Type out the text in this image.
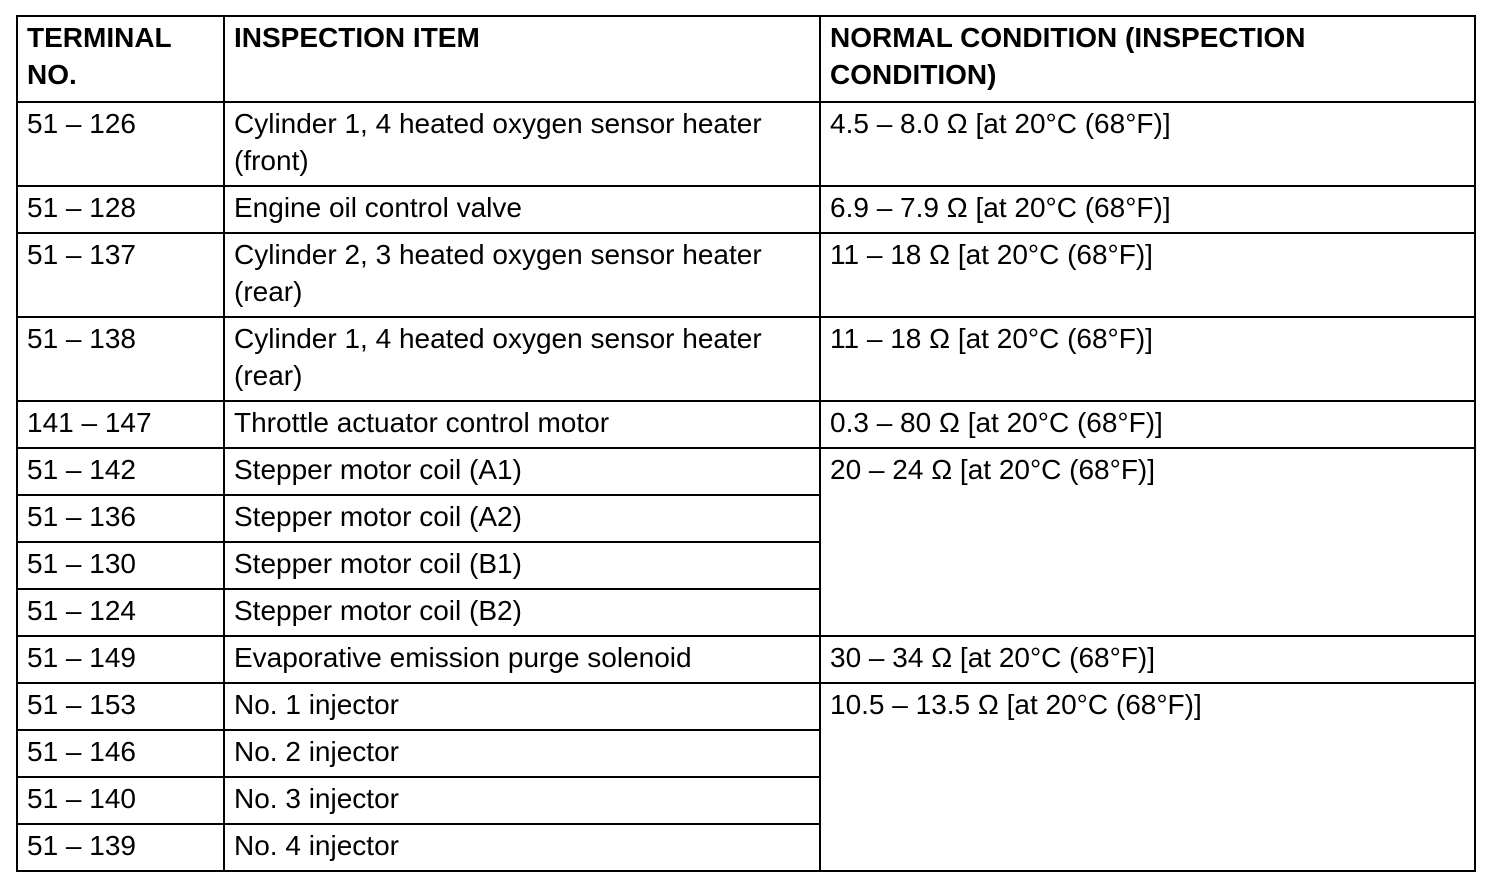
TERMINAL NO.	INSPECTION ITEM	NORMAL CONDITION (INSPECTION CONDITION)
51 – 126	Cylinder 1, 4 heated oxygen sensor heater (front)	4.5 – 8.0 Ω [at 20°C (68°F)]
51 – 128	Engine oil control valve	6.9 – 7.9 Ω [at 20°C (68°F)]
51 – 137	Cylinder 2, 3 heated oxygen sensor heater (rear)	11 – 18 Ω [at 20°C (68°F)]
51 – 138	Cylinder 1, 4 heated oxygen sensor heater (rear)	11 – 18 Ω [at 20°C (68°F)]
141 – 147	Throttle actuator control motor	0.3 – 80 Ω [at 20°C (68°F)]
51 – 142	Stepper motor coil (A1)	20 – 24 Ω [at 20°C (68°F)]
51 – 136	Stepper motor coil (A2)	
51 – 130	Stepper motor coil (B1)	
51 – 124	Stepper motor coil (B2)	
51 – 149	Evaporative emission purge solenoid	30 – 34 Ω [at 20°C (68°F)]
51 – 153	No. 1 injector	10.5 – 13.5 Ω [at 20°C (68°F)]
51 – 146	No. 2 injector	
51 – 140	No. 3 injector	
51 – 139	No. 4 injector	
